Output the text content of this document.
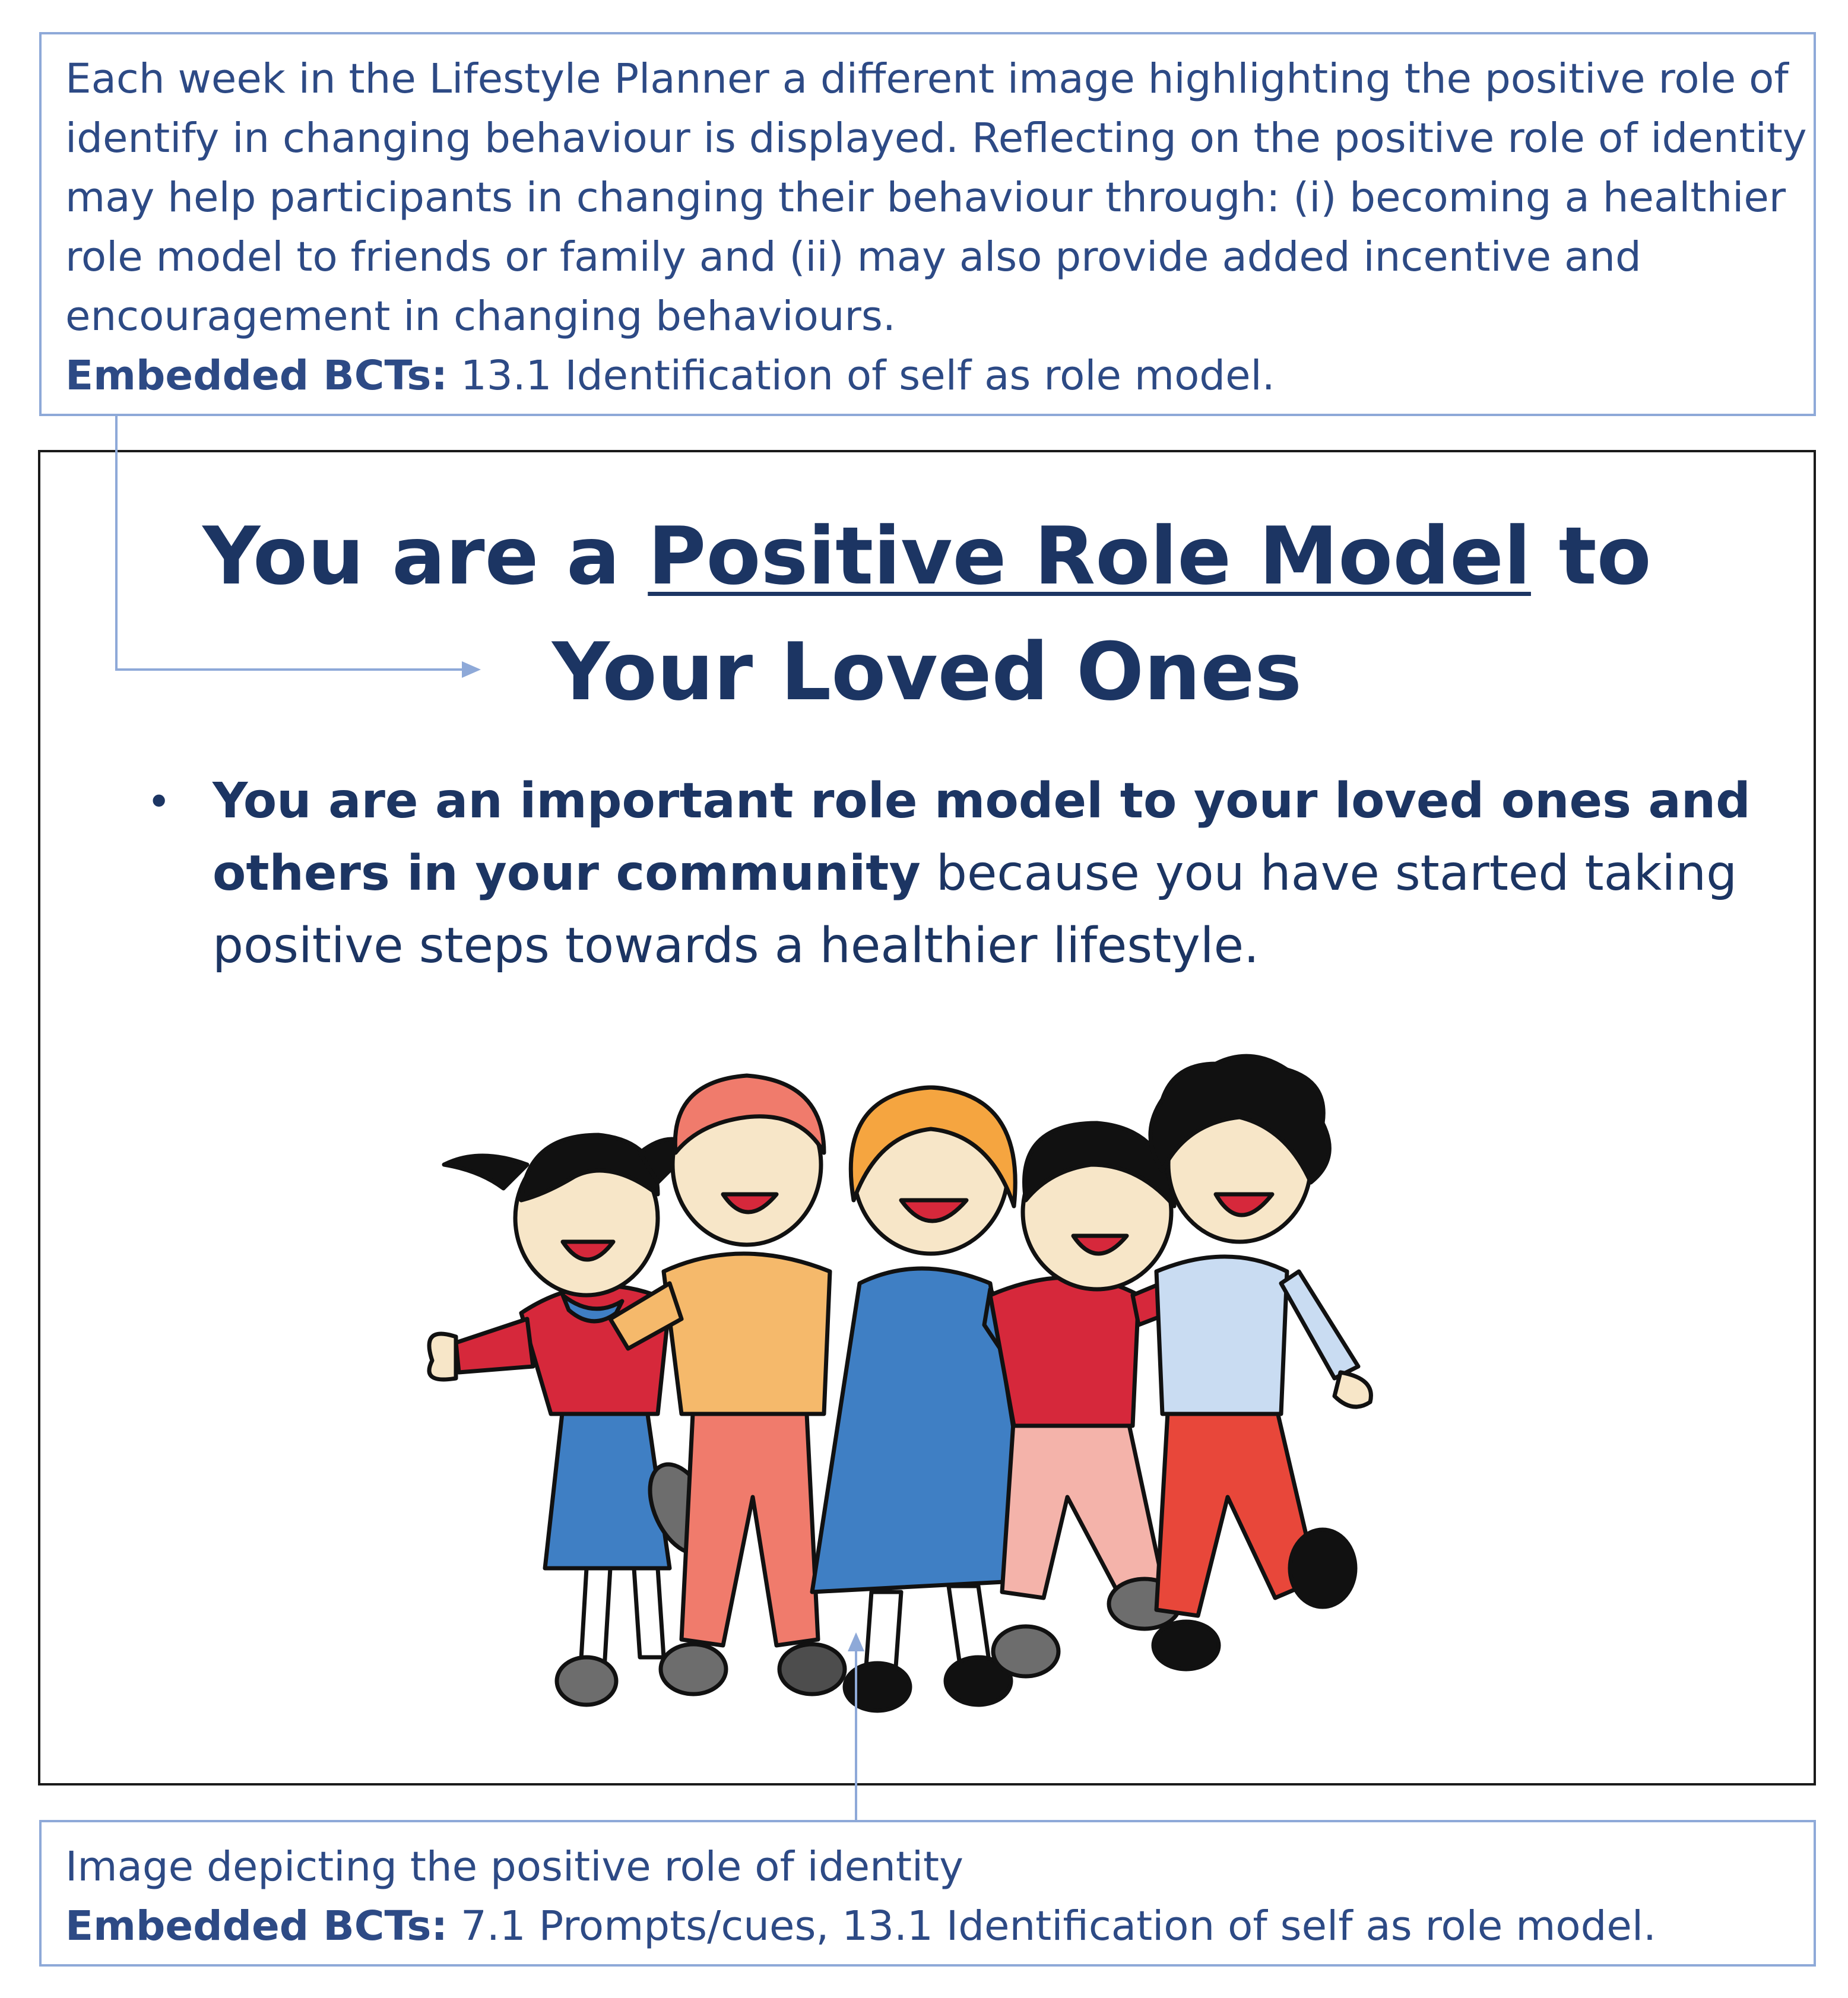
Each week in the Lifestyle Planner a different image highlighting the positive role of
identify in changing behaviour is displayed. Reflecting on the positive role of identity
may help participants in changing their behaviour through: (i) becoming a healthier
role model to friends or family and (ii) may also provide added incentive and
encouragement in changing behaviours.
Embedded BCTs: 13.1 Identification of self as role model.
You are a Positive Role Model to
Your Loved Ones
• You are an important role model to your loved ones and
others in your community because you have started taking
positive steps towards a healthier lifestyle.
Image depicting the positive role of identity
Embedded BCTs: 7.1 Prompts/cues, 13.1 Identification of self as role model.
